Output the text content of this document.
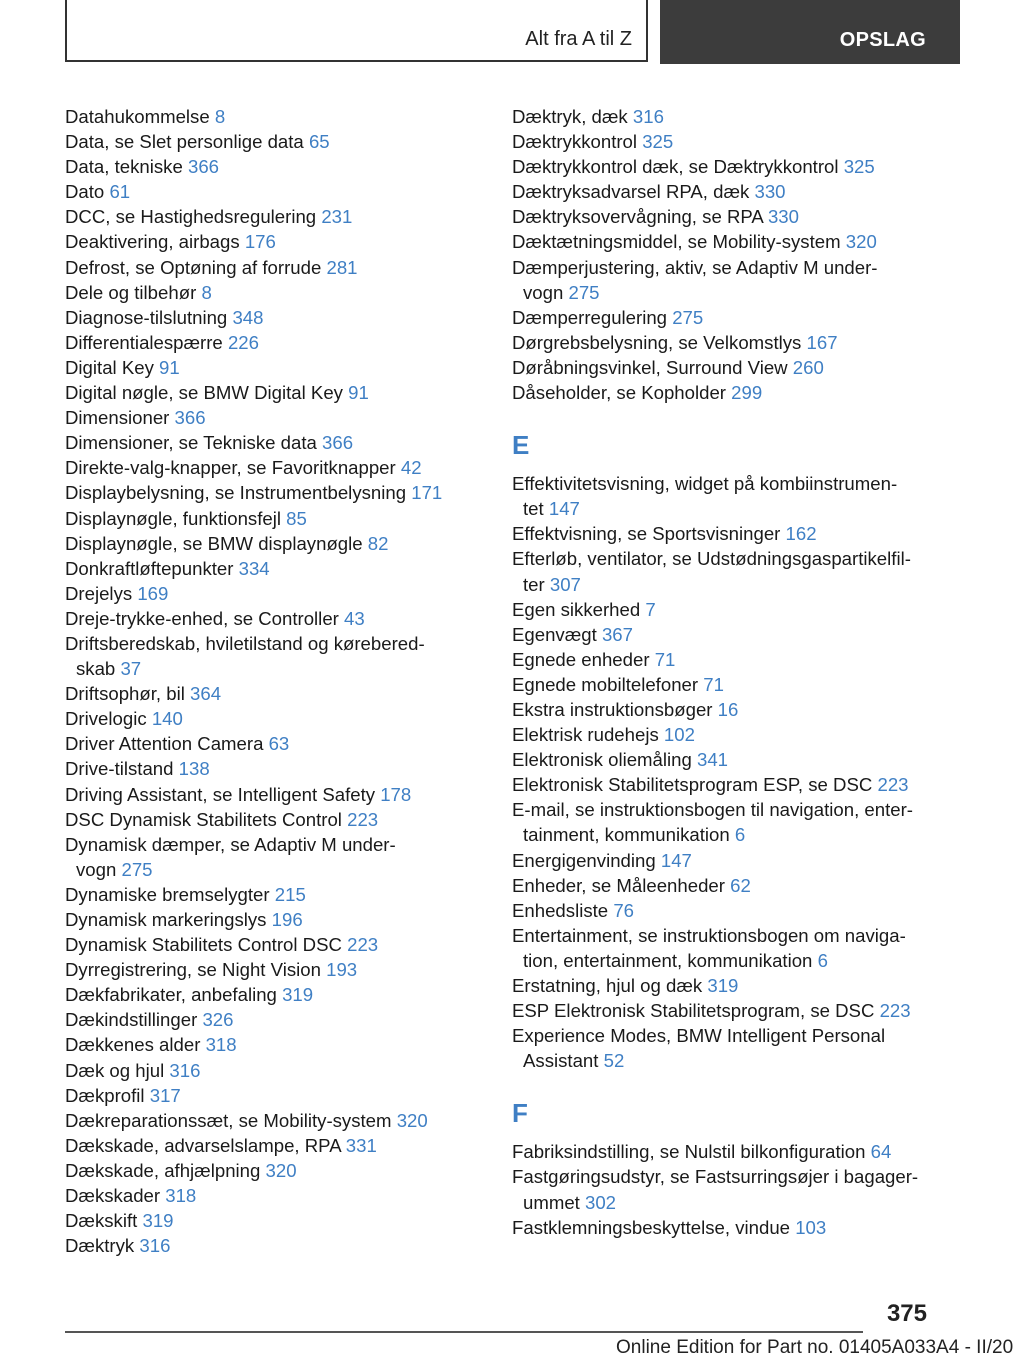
Alt fra A til Z	OPSLAG
Datahukommelse 8
Data, se Slet personlige data 65
Data, tekniske 366
Dato 61
DCC, se Hastighedsregulering 231
Deaktivering, airbags 176
Defrost, se Optøning af forrude 281
Dele og tilbehør 8
Diagnose-tilslutning 348
Differentialespærre 226
Digital Key 91
Digital nøgle, se BMW Digital Key 91
Dimensioner 366
Dimensioner, se Tekniske data 366
Direkte-valg-knapper, se Favoritknapper 42
Displaybelysning, se Instrumentbelysning 171
Displaynøgle, funktionsfejl 85
Displaynøgle, se BMW displaynøgle 82
Donkraftløftepunkter 334
Drejelys 169
Dreje-trykke-enhed, se Controller 43
Driftsberedskab, hviletilstand og kørebered-
skab 37
Driftsophør, bil 364
Drivelogic 140
Driver Attention Camera 63
Drive-tilstand 138
Driving Assistant, se Intelligent Safety 178
DSC Dynamisk Stabilitets Control 223
Dynamisk dæmper, se Adaptiv M under-
vogn 275
Dynamiske bremselygter 215
Dynamisk markeringslys 196
Dynamisk Stabilitets Control DSC 223
Dyrregistrering, se Night Vision 193
Dækfabrikater, anbefaling 319
Dækindstillinger 326
Dækkenes alder 318
Dæk og hjul 316
Dækprofil 317
Dækreparationssæt, se Mobility-system 320
Dækskade, advarselslampe, RPA 331
Dækskade, afhjælpning 320
Dækskader 318
Dækskift 319
Dæktryk 316
Dæktryk, dæk 316
Dæktrykkontrol 325
Dæktrykkontrol dæk, se Dæktrykkontrol 325
Dæktryksadvarsel RPA, dæk 330
Dæktryksovervågning, se RPA 330
Dæktætningsmiddel, se Mobility-system 320
Dæmperjustering, aktiv, se Adaptiv M under-
vogn 275
Dæmperregulering 275
Dørgrebsbelysning, se Velkomstlys 167
Døråbningsvinkel, Surround View 260
Dåseholder, se Kopholder 299
E
Effektivitetsvisning, widget på kombiinstrumen-
tet 147
Effektvisning, se Sportsvisninger 162
Efterløb, ventilator, se Udstødningsgaspartikelfil-
ter 307
Egen sikkerhed 7
Egenvægt 367
Egnede enheder 71
Egnede mobiltelefoner 71
Ekstra instruktionsbøger 16
Elektrisk rudehejs 102
Elektronisk oliemåling 341
Elektronisk Stabilitetsprogram ESP, se DSC 223
E-mail, se instruktionsbogen til navigation, enter-
tainment, kommunikation 6
Energigenvinding 147
Enheder, se Måleenheder 62
Enhedsliste 76
Entertainment, se instruktionsbogen om naviga-
tion, entertainment, kommunikation 6
Erstatning, hjul og dæk 319
ESP Elektronisk Stabilitetsprogram, se DSC 223
Experience Modes, BMW Intelligent Personal
Assistant 52
F
Fabriksindstilling, se Nulstil bilkonfiguration 64
Fastgøringsudstyr, se Fastsurringsøjer i bagager-
ummet 302
Fastklemningsbeskyttelse, vindue 103
375
Online Edition for Part no. 01405A033A4 - II/20
